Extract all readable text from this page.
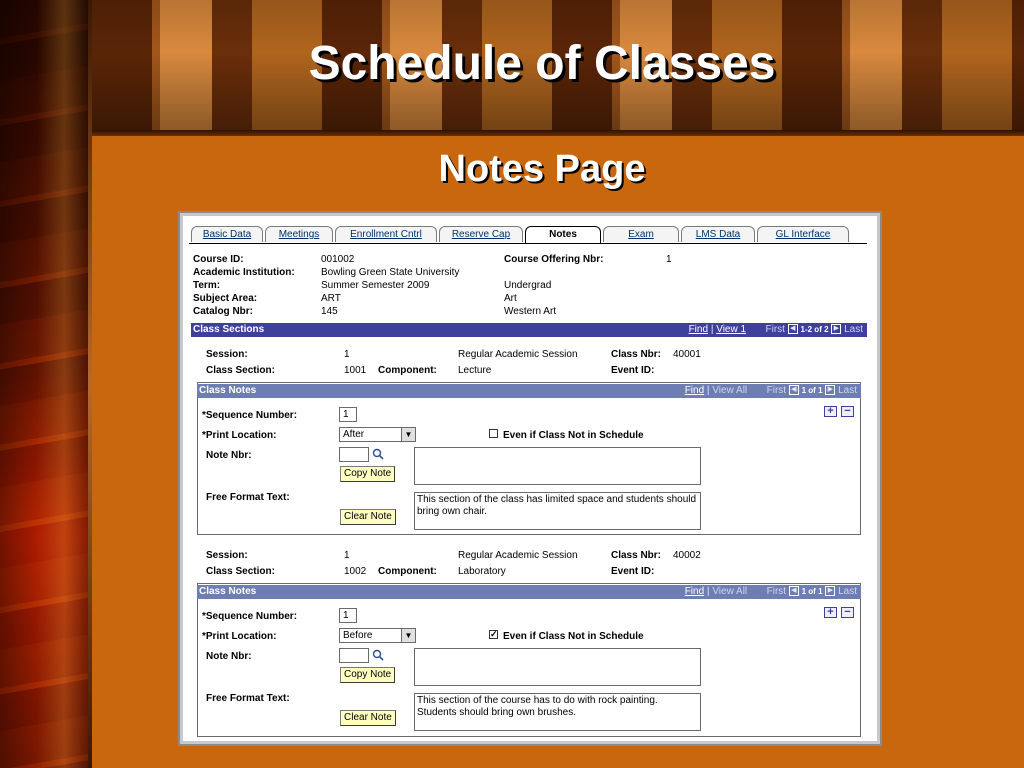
Schedule of Classes
Notes Page
Basic Data	Meetings	Enrollment Cntrl	Reserve Cap	Notes	Exam	LMS Data	GL Interface
Course ID:	001002	Course Offering Nbr:	1
Academic Institution:	Bowling Green State University
Term:	Summer Semester 2009	Undergrad
Subject Area:	ART	Art
Catalog Nbr:	145	Western Art
Class Sections	Find | View 1 First ◀ 1-2 of 2 ▶ Last
Session:	1	Regular Academic Session	Class Nbr: 40001
Class Section:	1001 Component: Lecture	Event ID:
Class Notes	Find | View All First ◀ 1 of 1 ▶ Last
+ −
*Sequence Number:	1
*Print Location:	After	▼	Even if Class Not in Schedule
Note Nbr:
Copy Note
Free Format Text:	This section of the class has limited space and students should bring own chair.
Clear Note
Session:	1	Regular Academic Session	Class Nbr: 40002
Class Section:	1002 Component: Laboratory	Event ID:
Class Notes	Find | View All First ◀ 1 of 1 ▶ Last
+ −
*Sequence Number:	1
*Print Location:	Before	▼	✓ Even if Class Not in Schedule
Note Nbr:
Copy Note
Free Format Text:	This section of the course has to do with rock painting. Students should bring own brushes.
Clear Note
